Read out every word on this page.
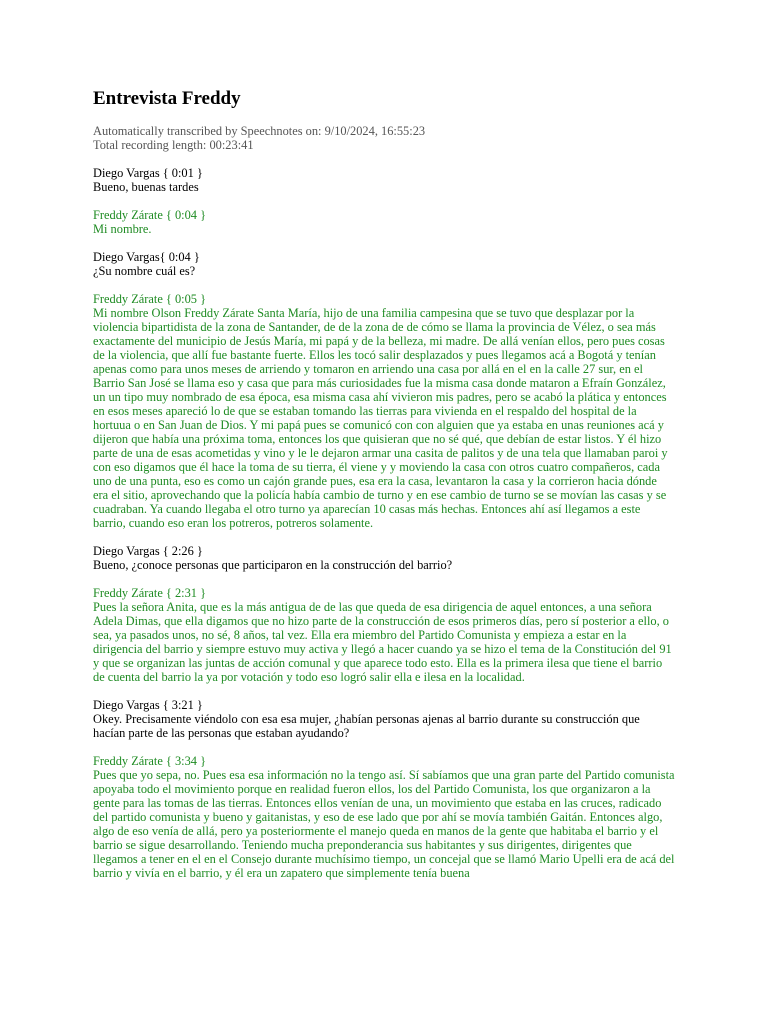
Entrevista Freddy
Automatically transcribed by Speechnotes on: 9/10/2024, 16:55:23
Total recording length: 00:23:41
Diego Vargas { 0:01 }
Bueno, buenas tardes
Freddy Zárate { 0:04 }
Mi nombre.
Diego Vargas{ 0:04 }
¿Su nombre cuál es?
Freddy Zárate { 0:05 }
Mi nombre Olson Freddy Zárate Santa María, hijo de una familia campesina que se tuvo que desplazar por la violencia bipartidista de la zona de Santander, de de la zona de de cómo se llama la provincia de Vélez, o sea más exactamente del municipio de Jesús María, mi papá y de la belleza, mi madre. De allá venían ellos, pero pues cosas de la violencia, que allí fue bastante fuerte. Ellos les tocó salir desplazados y pues llegamos acá a Bogotá y tenían apenas como para unos meses de arriendo y tomaron en arriendo una casa por allá en el en la calle 27 sur, en el Barrio San José se llama eso y casa que para más curiosidades fue la misma casa donde mataron a Efraín González, un un tipo muy nombrado de esa época, esa misma casa ahí vivieron mis padres, pero se acabó la plática y entonces en esos meses apareció lo de que se estaban tomando las tierras para vivienda en el respaldo del hospital de la hortuua o en San Juan de Dios. Y mi papá pues se comunicó con con alguien que ya estaba en unas reuniones acá y dijeron que había una próxima toma, entonces los que quisieran que no sé qué, que debían de estar listos. Y él hizo parte de una de esas acometidas y vino y le le dejaron armar una casita de palitos y de una tela que llamaban paroi y con eso digamos que él hace la toma de su tierra, él viene y y moviendo la casa con otros cuatro compañeros, cada uno de una punta, eso es como un cajón grande pues, esa era la casa, levantaron la casa y la corrieron hacia dónde era el sitio, aprovechando que la policía había cambio de turno y en ese cambio de turno se se movían las casas y se cuadraban. Ya cuando llegaba el otro turno ya aparecían 10 casas más hechas. Entonces ahí así llegamos a este barrio, cuando eso eran los potreros, potreros solamente.
Diego Vargas { 2:26 }
Bueno, ¿conoce personas que participaron en la construcción del barrio?
Freddy Zárate { 2:31 }
Pues la señora Anita, que es la más antigua de de las que queda de esa dirigencia de aquel entonces, a una señora Adela Dimas, que ella digamos que no hizo parte de la construcción de esos primeros días, pero sí posterior a ello, o sea, ya pasados unos, no sé, 8 años, tal vez. Ella era miembro del Partido Comunista y empieza a estar en la dirigencia del barrio y siempre estuvo muy activa y llegó a hacer cuando ya se hizo el tema de la Constitución del 91 y que se organizan las juntas de acción comunal y que aparece todo esto. Ella es la primera ilesa que tiene el barrio de cuenta del barrio la ya por votación y todo eso logró salir ella e ilesa en la localidad.
Diego Vargas { 3:21 }
Okey. Precisamente viéndolo con esa esa mujer, ¿habían personas ajenas al barrio durante su construcción que hacían parte de las personas que estaban ayudando?
Freddy Zárate { 3:34 }
Pues que yo sepa, no. Pues esa esa información no la tengo así. Sí sabíamos que una gran parte del Partido comunista apoyaba todo el movimiento porque en realidad fueron ellos, los del Partido Comunista, los que organizaron a la gente para las tomas de las tierras. Entonces ellos venían de una, un movimiento que estaba en las cruces, radicado del partido comunista y bueno y gaitanistas, y eso de ese lado que por ahí se movía también Gaitán. Entonces algo, algo de eso venía de allá, pero ya posteriormente el manejo queda en manos de la gente que habitaba el barrio y el barrio se sigue desarrollando. Teniendo mucha preponderancia sus habitantes y sus dirigentes, dirigentes que llegamos a tener en el en el Consejo durante muchísimo tiempo, un concejal que se llamó Mario Upelli era de acá del barrio y vivía en el barrio, y él era un zapatero que simplemente tenía buena
